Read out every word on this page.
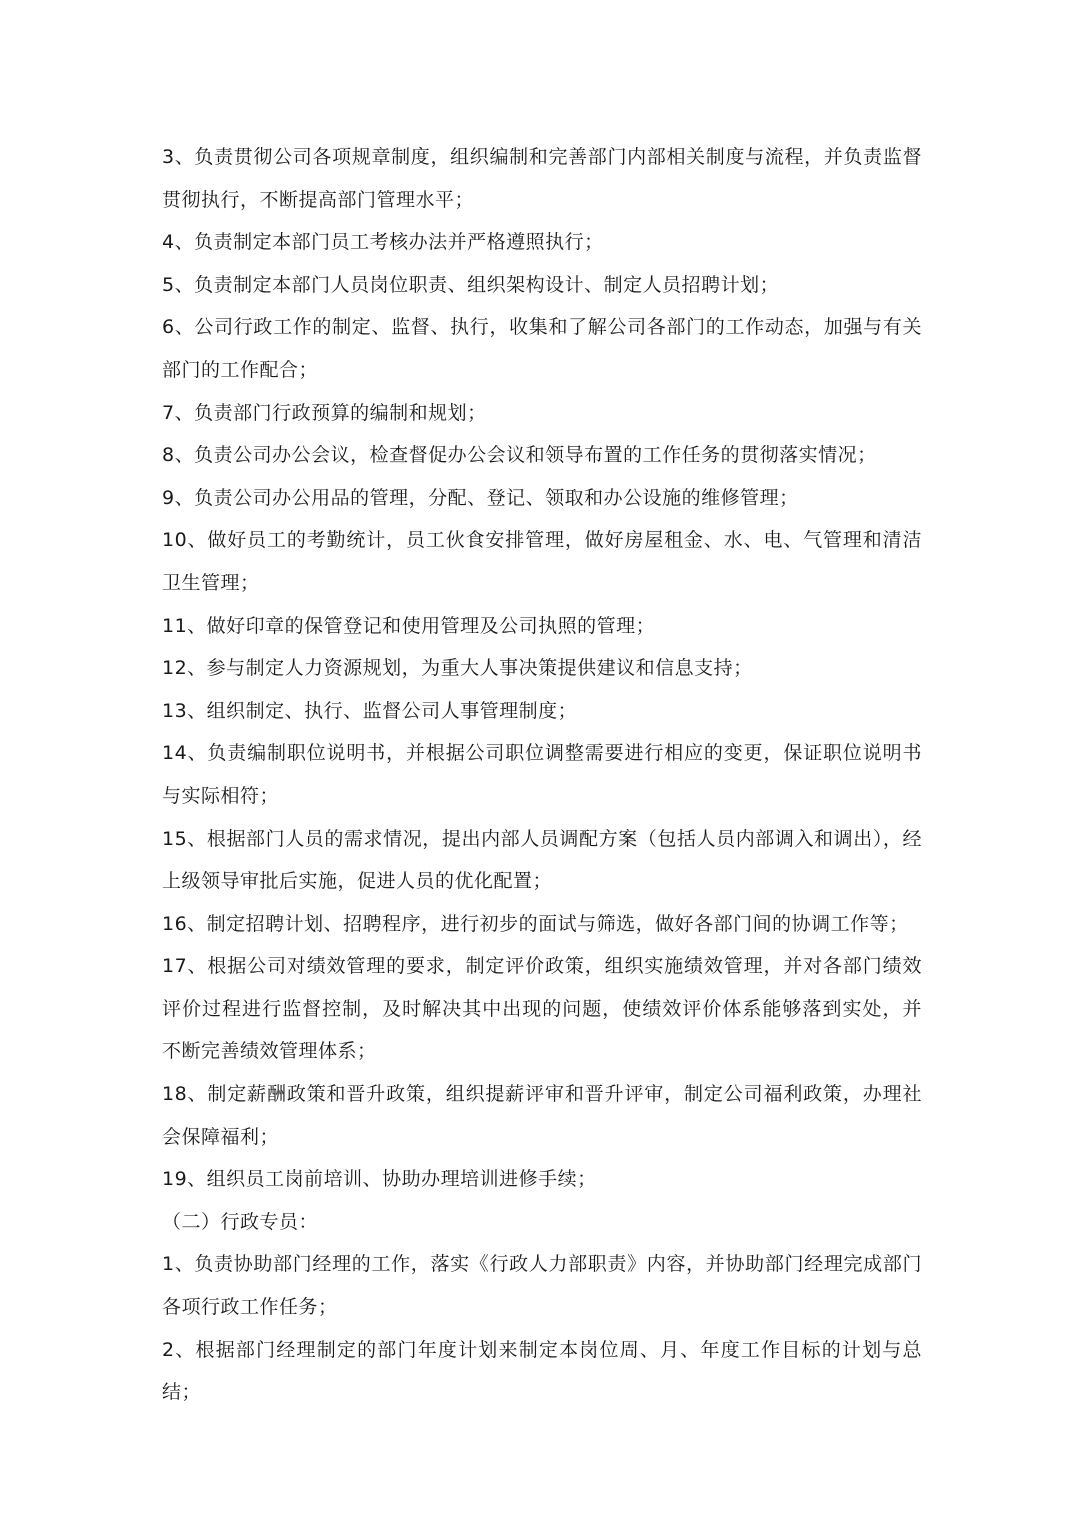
3、负责贯彻公司各项规章制度，组织编制和完善部门内部相关制度与流程，并负责监督贯彻执行，不断提高部门管理水平；

4、负责制定本部门员工考核办法并严格遵照执行；

5、负责制定本部门人员岗位职责、组织架构设计、制定人员招聘计划；

6、公司行政工作的制定、监督、执行，收集和了解公司各部门的工作动态，加强与有关部门的工作配合；

7、负责部门行政预算的编制和规划；

8、负责公司办公会议，检查督促办公会议和领导布置的工作任务的贯彻落实情况；

9、负责公司办公用品的管理，分配、登记、领取和办公设施的维修管理；

10、做好员工的考勤统计，员工伙食安排管理，做好房屋租金、水、电、气管理和清洁卫生管理；

11、做好印章的保管登记和使用管理及公司执照的管理；

12、参与制定人力资源规划，为重大人事决策提供建议和信息支持；

13、组织制定、执行、监督公司人事管理制度；

14、负责编制职位说明书，并根据公司职位调整需要进行相应的变更，保证职位说明书与实际相符；

15、根据部门人员的需求情况，提出内部人员调配方案（包括人员内部调入和调出），经上级领导审批后实施，促进人员的优化配置；

16、制定招聘计划、招聘程序，进行初步的面试与筛选，做好各部门间的协调工作等；

17、根据公司对绩效管理的要求，制定评价政策，组织实施绩效管理，并对各部门绩效评价过程进行监督控制，及时解决其中出现的问题，使绩效评价体系能够落到实处，并不断完善绩效管理体系；

18、制定薪酬政策和晋升政策，组织提薪评审和晋升评审，制定公司福利政策，办理社会保障福利；

19、组织员工岗前培训、协助办理培训进修手续；

（二）行政专员：

1、负责协助部门经理的工作，落实《行政人力部职责》内容，并协助部门经理完成部门各项行政工作任务；

2、根据部门经理制定的部门年度计划来制定本岗位周、月、年度工作目标的计划与总结；
